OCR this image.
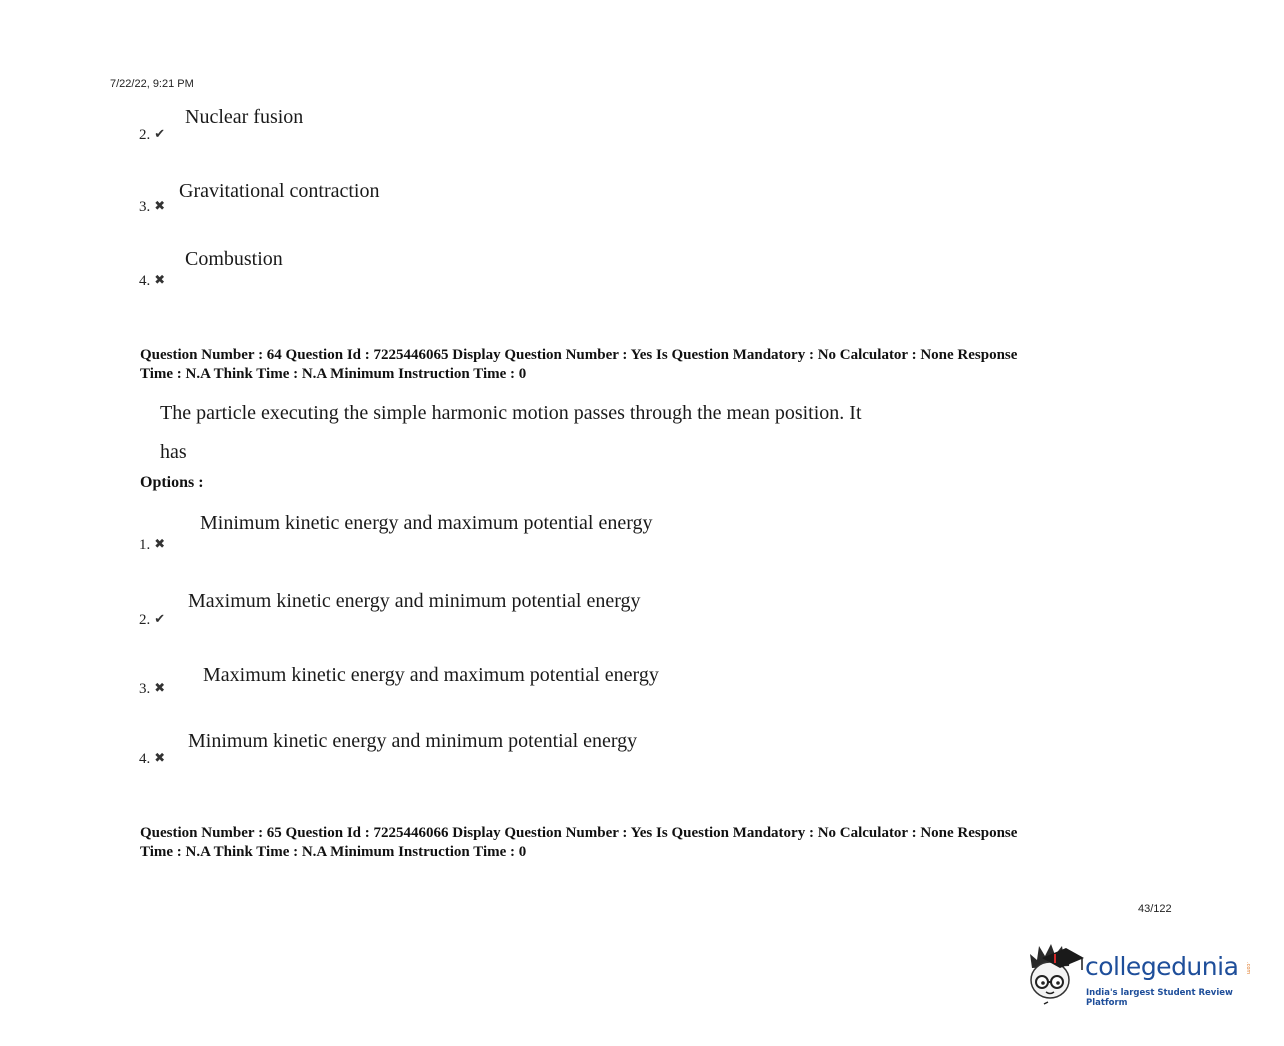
7/22/22, 9:21 PM
Nuclear fusion
2. ✔
Gravitational contraction
3. ✖
Combustion
4. ✖
Question Number : 64 Question Id : 7225446065 Display Question Number : Yes Is Question Mandatory : No Calculator : None Response
Time : N.A Think Time : N.A Minimum Instruction Time : 0
The particle executing the simple harmonic motion passes through the mean position. It
has
Options :
Minimum kinetic energy and maximum potential energy
1. ✖
Maximum kinetic energy and minimum potential energy
2. ✔
Maximum kinetic energy and maximum potential energy
3. ✖
Minimum kinetic energy and minimum potential energy
4. ✖
Question Number : 65 Question Id : 7225446066 Display Question Number : Yes Is Question Mandatory : No Calculator : None Response
Time : N.A Think Time : N.A Minimum Instruction Time : 0
43/122
collegedunia .com
India's largest Student Review Platform
